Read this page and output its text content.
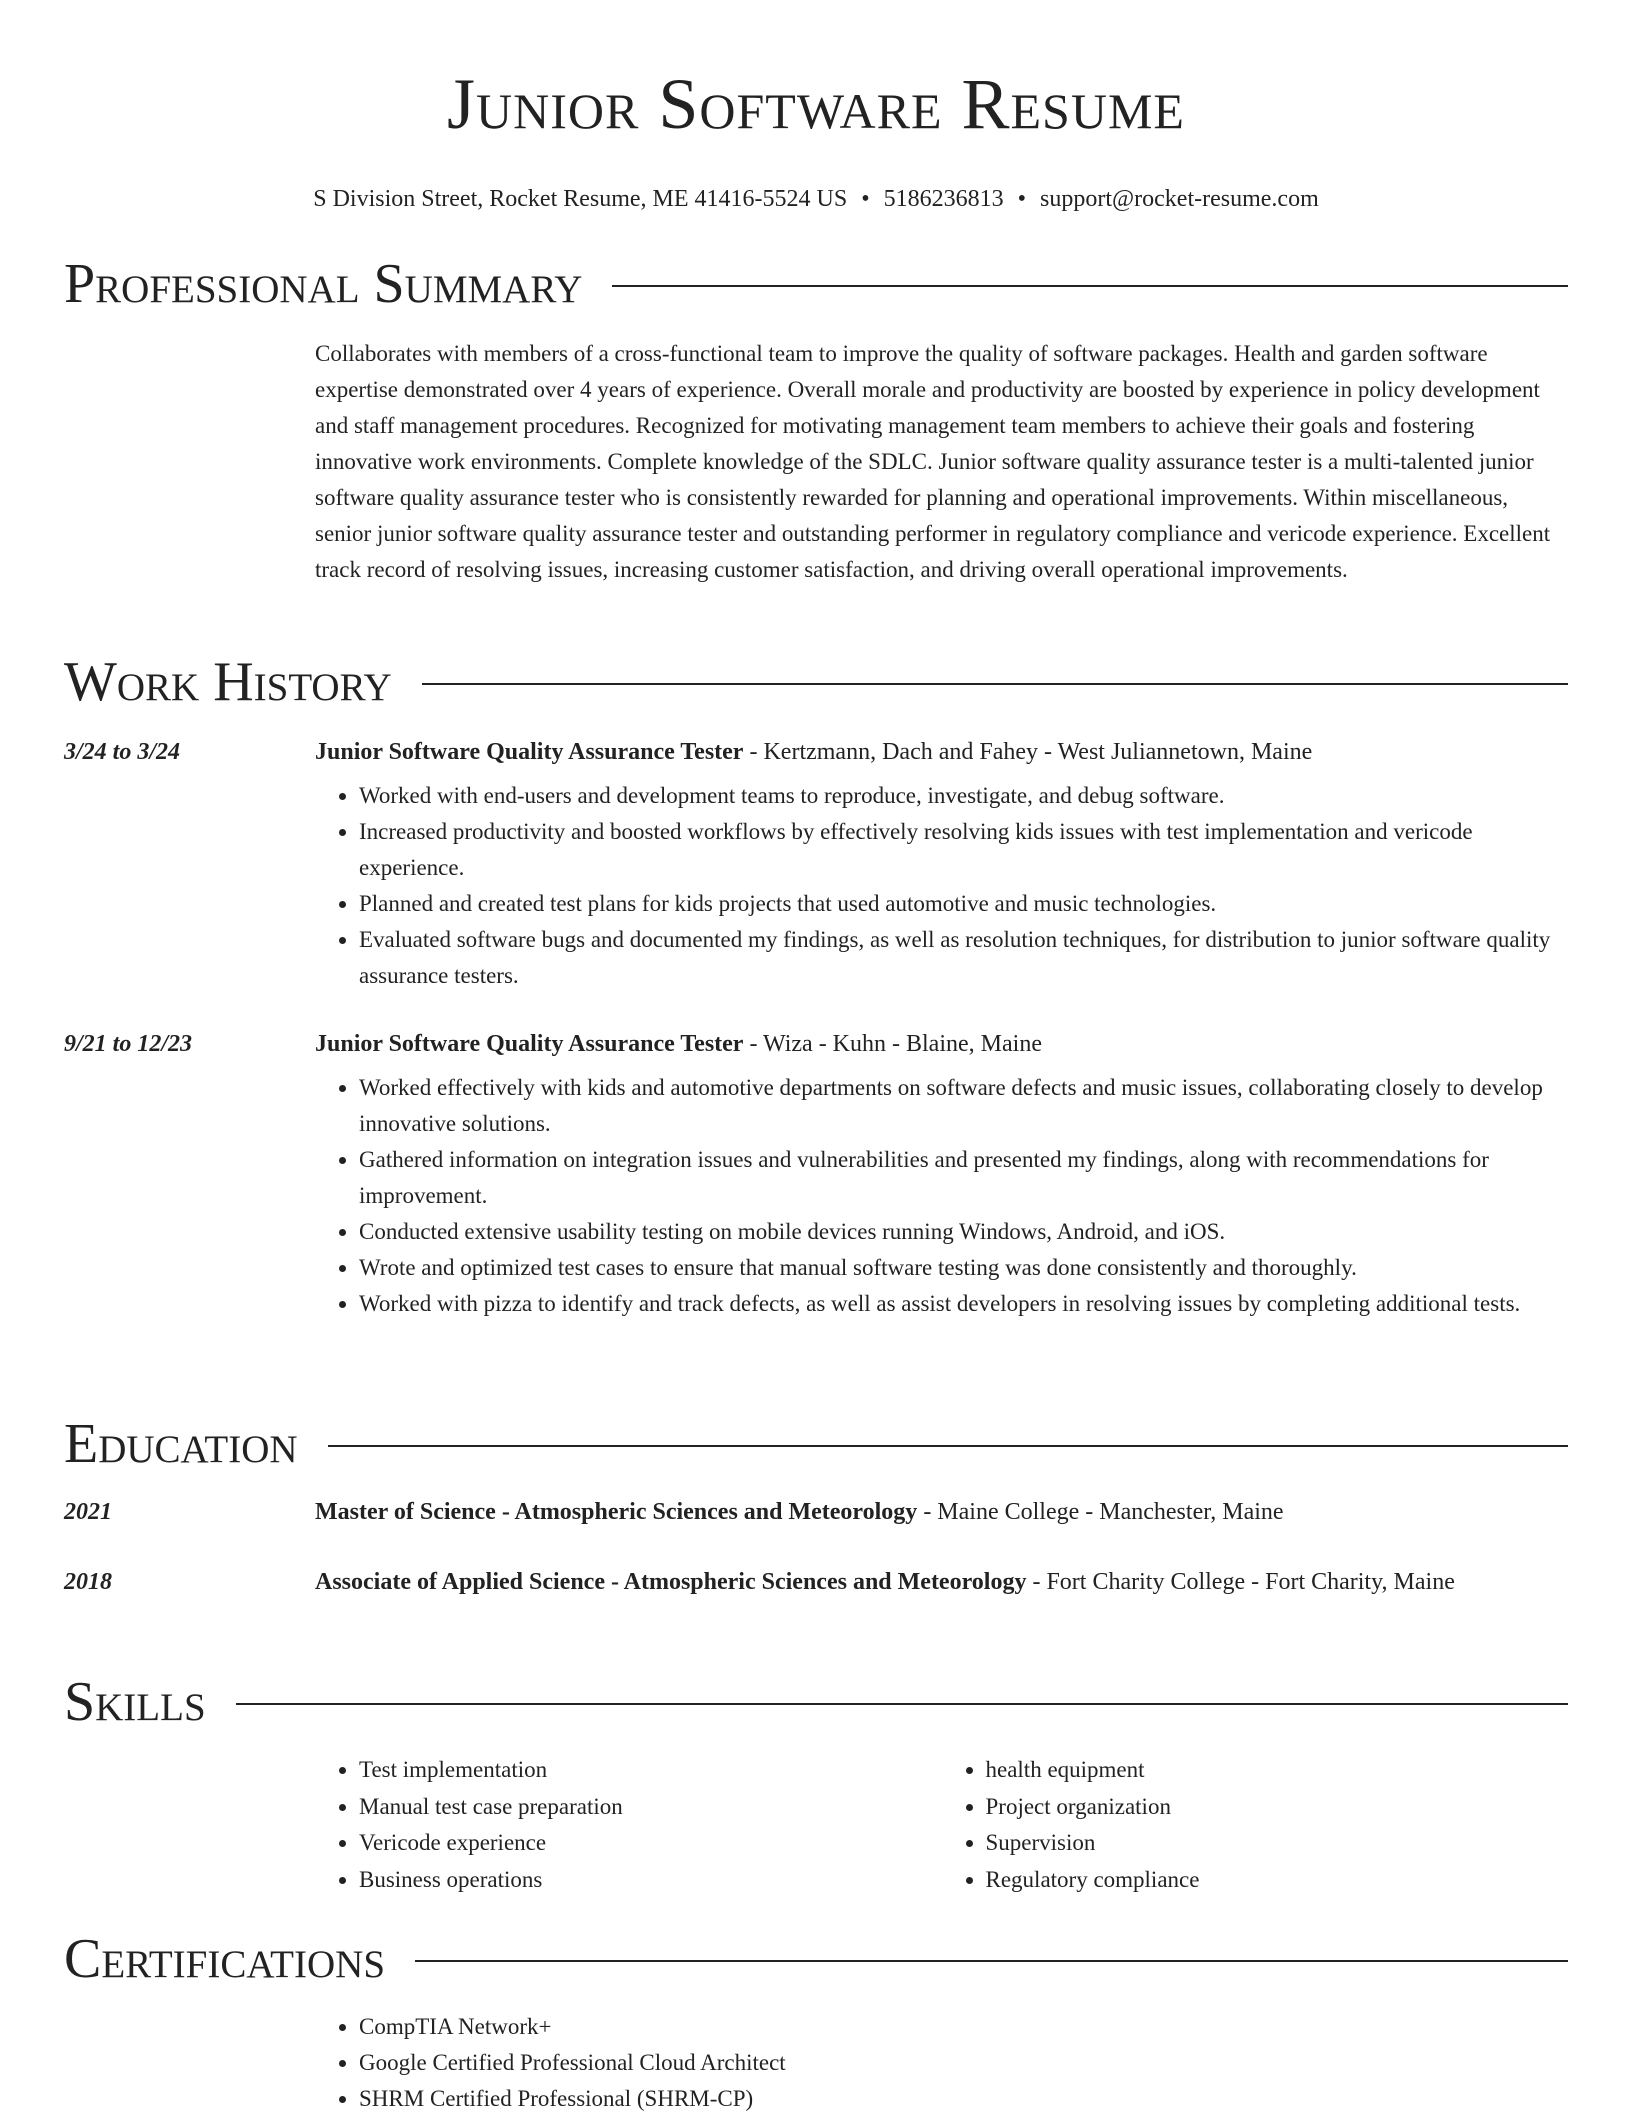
Junior Software Resume
S Division Street, Rocket Resume, ME 41416-5524 US • 5186236813 • support@rocket-resume.com
Professional Summary

Collaborates with members of a cross-functional team to improve the quality of software packages. Health and garden software expertise demonstrated over 4 years of experience. Overall morale and productivity are boosted by experience in policy development and staff management procedures. Recognized for motivating management team members to achieve their goals and fostering innovative work environments. Complete knowledge of the SDLC. Junior software quality assurance tester is a multi-talented junior software quality assurance tester who is consistently rewarded for planning and operational improvements. Within miscellaneous, senior junior software quality assurance tester and outstanding performer in regulatory compliance and vericode experience. Excellent track record of resolving issues, increasing customer satisfaction, and driving overall operational improvements.

Work History
3/24 to 3/24	Junior Software Quality Assurance Tester - Kertzmann, Dach and Fahey - West Juliannetown, Maine
• Worked with end-users and development teams to reproduce, investigate, and debug software.
• Increased productivity and boosted workflows by effectively resolving kids issues with test implementation and vericode experience.
• Planned and created test plans for kids projects that used automotive and music technologies.
• Evaluated software bugs and documented my findings, as well as resolution techniques, for distribution to junior software quality assurance testers.
9/21 to 12/23	Junior Software Quality Assurance Tester - Wiza - Kuhn - Blaine, Maine
• Worked effectively with kids and automotive departments on software defects and music issues, collaborating closely to develop innovative solutions.
• Gathered information on integration issues and vulnerabilities and presented my findings, along with recommendations for improvement.
• Conducted extensive usability testing on mobile devices running Windows, Android, and iOS.
• Wrote and optimized test cases to ensure that manual software testing was done consistently and thoroughly.
• Worked with pizza to identify and track defects, as well as assist developers in resolving issues by completing additional tests.
Education
2021	Master of Science - Atmospheric Sciences and Meteorology - Maine College - Manchester, Maine
2018	Associate of Applied Science - Atmospheric Sciences and Meteorology - Fort Charity College - Fort Charity, Maine
Skills
• Test implementation
• Manual test case preparation
• Vericode experience
• Business operations
• health equipment
• Project organization
• Supervision
• Regulatory compliance
Certifications
• CompTIA Network+
• Google Certified Professional Cloud Architect
• SHRM Certified Professional (SHRM-CP)
